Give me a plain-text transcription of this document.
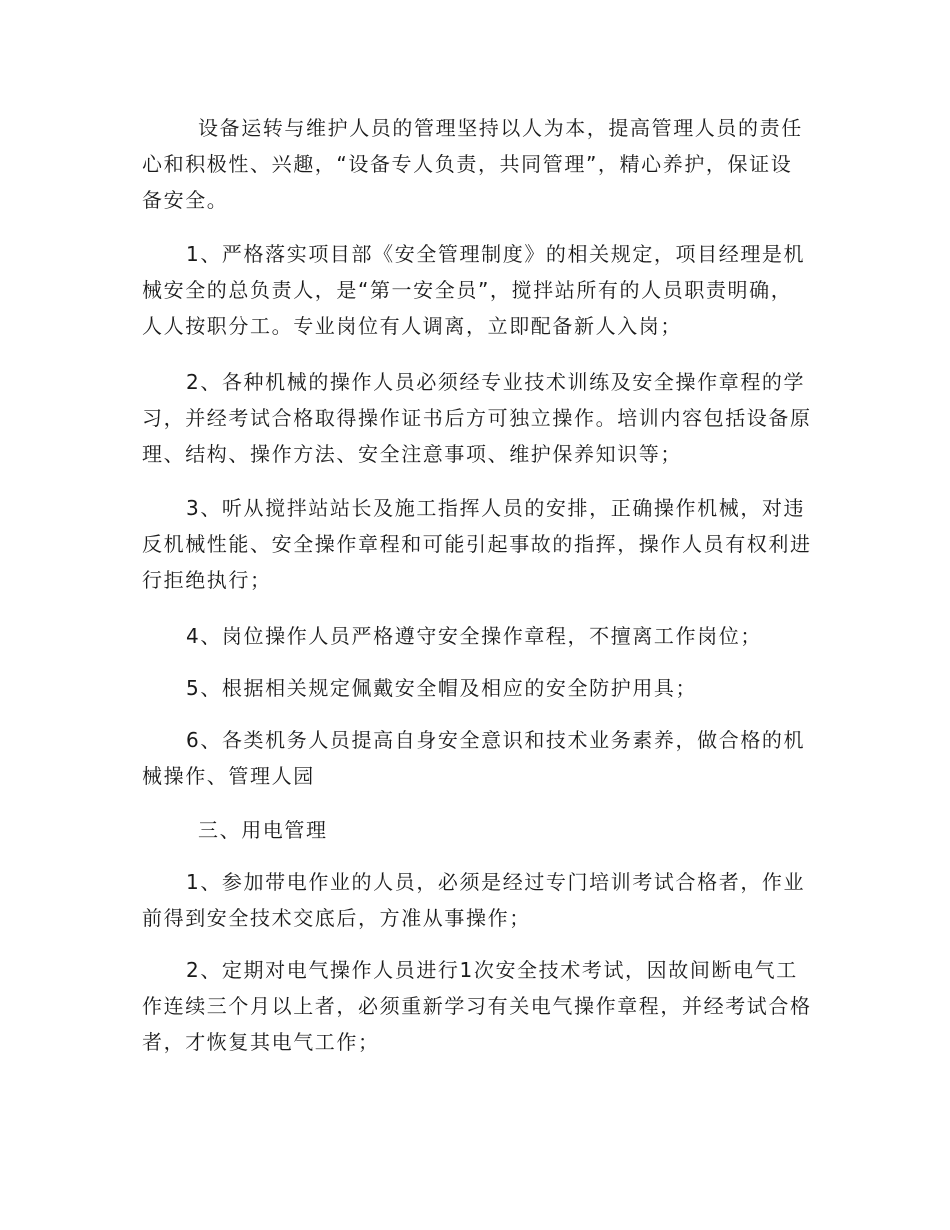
设备运转与维护人员的管理坚持以人为本，提高管理人员的责任心和积极性、兴趣，“设备专人负责，共同管理”，精心养护，保证设备安全。

1、严格落实项目部《安全管理制度》的相关规定，项目经理是机械安全的总负责人，是“第一安全员”，搅拌站所有的人员职责明确，人人按职分工。专业岗位有人调离，立即配备新人入岗；

2、各种机械的操作人员必须经专业技术训练及安全操作章程的学习，并经考试合格取得操作证书后方可独立操作。培训内容包括设备原理、结构、操作方法、安全注意事项、维护保养知识等；

3、听从搅拌站站长及施工指挥人员的安排，正确操作机械，对违反机械性能、安全操作章程和可能引起事故的指挥，操作人员有权利进行拒绝执行；

4、岗位操作人员严格遵守安全操作章程，不擅离工作岗位；

5、根据相关规定佩戴安全帽及相应的安全防护用具；

6、各类机务人员提高自身安全意识和技术业务素养，做合格的机械操作、管理人园

三、用电管理

1、参加带电作业的人员，必须是经过专门培训考试合格者，作业前得到安全技术交底后，方准从事操作；

2、定期对电气操作人员进行1次安全技术考试，因故间断电气工作连续三个月以上者，必须重新学习有关电气操作章程，并经考试合格者，才恢复其电气工作；
